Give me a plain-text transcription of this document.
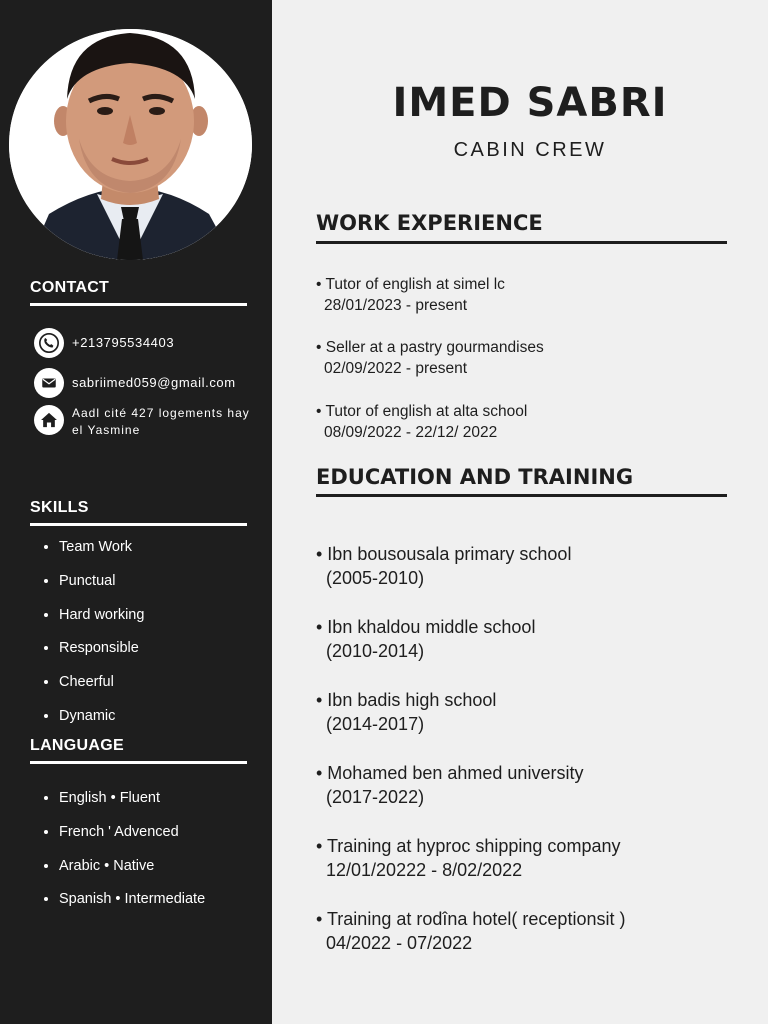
CONTACT
+213795534403
sabriimed059@gmail.com
Aadl cité 427 logements hay
el Yasmine
SKILLS
Team Work
Punctual
Hard working
Responsible
Cheerful
Dynamic
LANGUAGE
English • Fluent
French ' Advenced
Arabic • Native
Spanish • Intermediate
IMED SABRI
CABIN CREW
WORK EXPERIENCE
• Tutor of english at simel lc
28/01/2023 - present
• Seller at a pastry gourmandises
02/09/2022 - present
• Tutor of english at alta school
08/09/2022 - 22/12/ 2022
EDUCATION AND TRAINING
• Ibn bousousala primary school
(2005-2010)
• Ibn khaldou middle school
(2010-2014)
• Ibn badis high school
(2014-2017)
• Mohamed ben ahmed university
(2017-2022)
• Training at hyproc shipping company
12/01/20222 - 8/02/2022
• Training at rodîna hotel( receptionsit )
04/2022 - 07/2022
